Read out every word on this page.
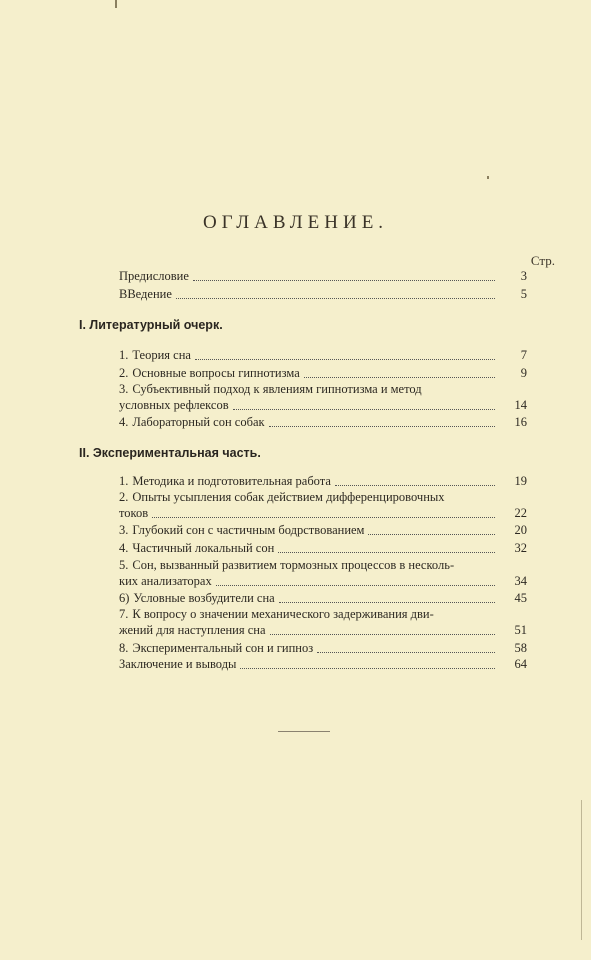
ОГЛАВЛЕНИЕ.
Стр.
Предисловие	3
ВВедение	5
I. Литературный очерк.
1. Теория сна	7
2. Основные вопросы гипнотизма	9
3. Субъективный подход к явлениям гипнотизма и метод
условных рефлексов	14
4. Лабораторный сон собак	16
II. Экспериментальная часть.
1. Методика и подготовительная работа	19
2. Опыты усыпления собак действием дифференцировочных
токов	22
3. Глубокий сон с частичным бодрствованием	20
4. Частичный локальный сон	32
5. Сон, вызванный развитием тормозных процессов в несколь-
ких анализаторах	34
6) Условные возбудители сна	45
7. К вопросу о значении механического задерживания дви-
жений для наступления сна	51
8. Экспериментальный сон и гипноз	58
Заключение и выводы	64
